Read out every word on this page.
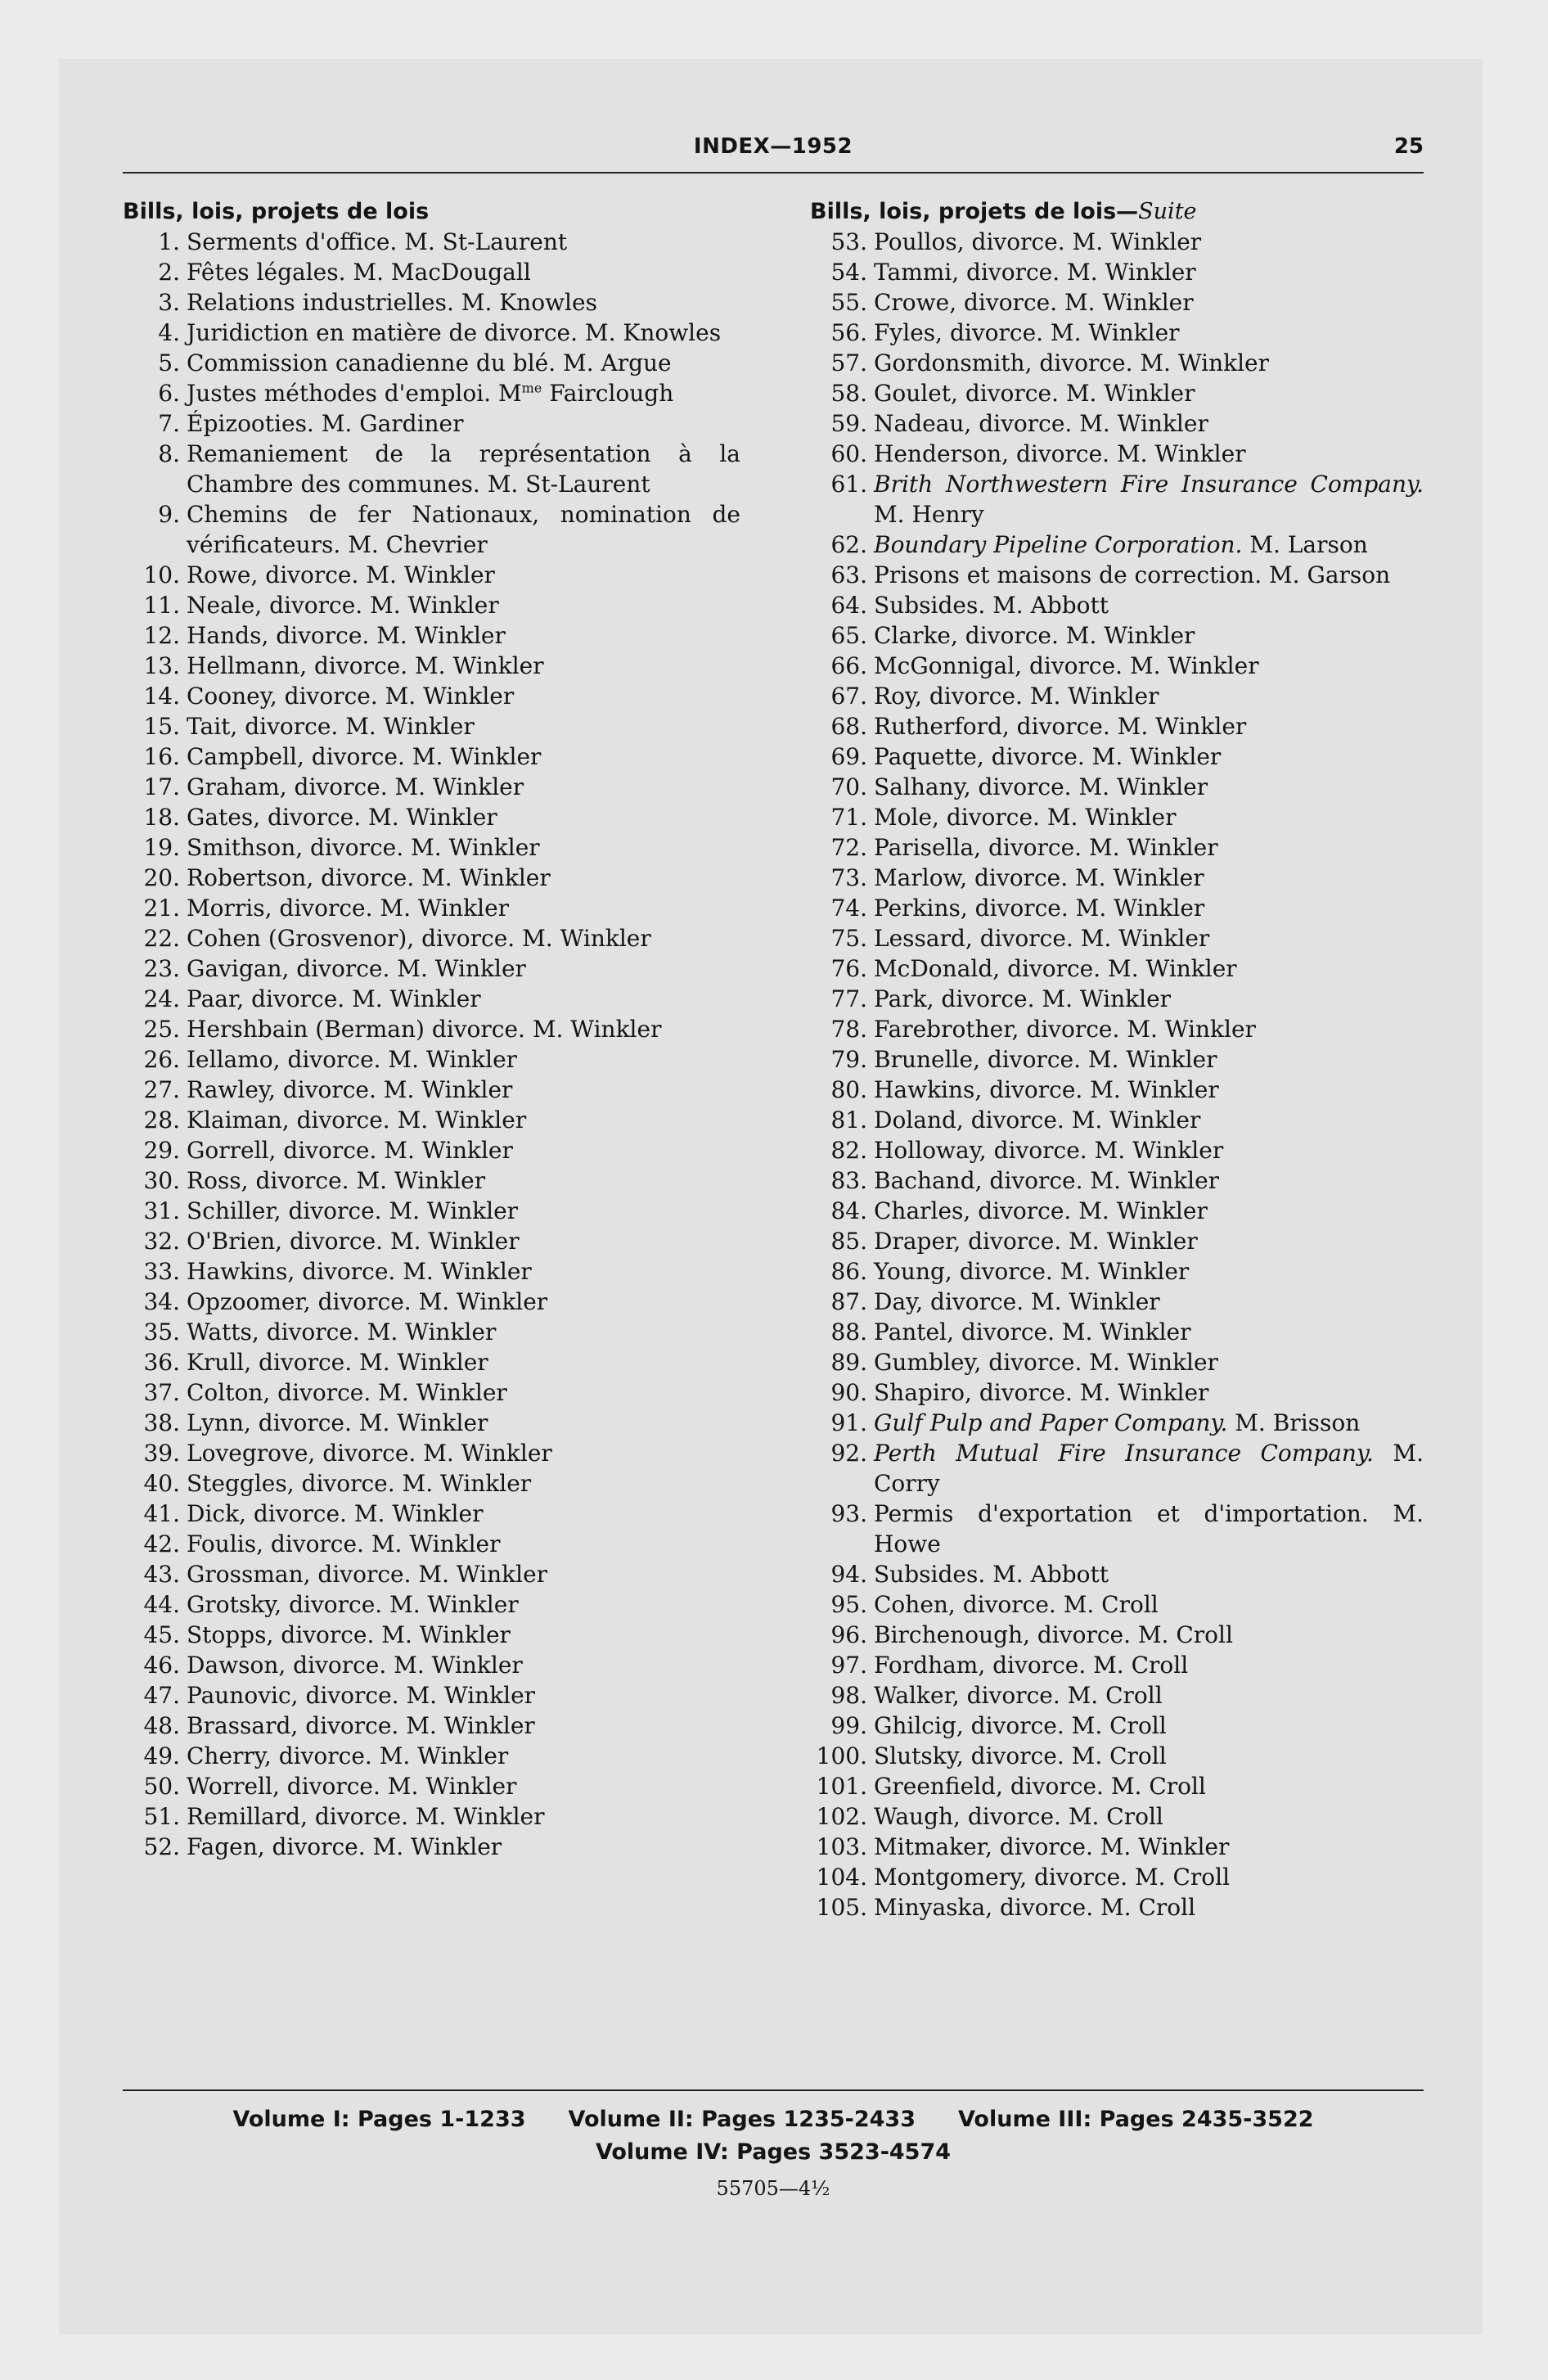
INDEX—1952	25
Bills, lois, projets de lois
1. Serments d'office. M. St-Laurent
2. Fêtes légales. M. MacDougall
3. Relations industrielles. M. Knowles
4. Juridiction en matière de divorce. M. Knowles
5. Commission canadienne du blé. M. Argue
6. Justes méthodes d'emploi. $M^{me}$ Fairclough
7. Épizooties. M. Gardiner
8. Remaniement de la représentation à la Chambre des communes. M. St-Laurent
9. Chemins de fer Nationaux, nomination de vérificateurs. M. Chevrier
10. Rowe, divorce. M. Winkler
11. Neale, divorce. M. Winkler
12. Hands, divorce. M. Winkler
13. Hellmann, divorce. M. Winkler
14. Cooney, divorce. M. Winkler
15. Tait, divorce. M. Winkler
16. Campbell, divorce. M. Winkler
17. Graham, divorce. M. Winkler
18. Gates, divorce. M. Winkler
19. Smithson, divorce. M. Winkler
20. Robertson, divorce. M. Winkler
21. Morris, divorce. M. Winkler
22. Cohen (Grosvenor), divorce. M. Winkler
23. Gavigan, divorce. M. Winkler
24. Paar, divorce. M. Winkler
25. Hershbain (Berman) divorce. M. Winkler
26. Iellamo, divorce. M. Winkler
27. Rawley, divorce. M. Winkler
28. Klaiman, divorce. M. Winkler
29. Gorrell, divorce. M. Winkler
30. Ross, divorce. M. Winkler
31. Schiller, divorce. M. Winkler
32. O'Brien, divorce. M. Winkler
33. Hawkins, divorce. M. Winkler
34. Opzoomer, divorce. M. Winkler
35. Watts, divorce. M. Winkler
36. Krull, divorce. M. Winkler
37. Colton, divorce. M. Winkler
38. Lynn, divorce. M. Winkler
39. Lovegrove, divorce. M. Winkler
40. Steggles, divorce. M. Winkler
41. Dick, divorce. M. Winkler
42. Foulis, divorce. M. Winkler
43. Grossman, divorce. M. Winkler
44. Grotsky, divorce. M. Winkler
45. Stopps, divorce. M. Winkler
46. Dawson, divorce. M. Winkler
47. Paunovic, divorce. M. Winkler
48. Brassard, divorce. M. Winkler
49. Cherry, divorce. M. Winkler
50. Worrell, divorce. M. Winkler
51. Remillard, divorce. M. Winkler
52. Fagen, divorce. M. Winkler
Bills, lois, projets de lois—Suite
53. Poullos, divorce. M. Winkler
54. Tammi, divorce. M. Winkler
55. Crowe, divorce. M. Winkler
56. Fyles, divorce. M. Winkler
57. Gordonsmith, divorce. M. Winkler
58. Goulet, divorce. M. Winkler
59. Nadeau, divorce. M. Winkler
60. Henderson, divorce. M. Winkler
61. Brith Northwestern Fire Insurance Company. M. Henry
62. Boundary Pipeline Corporation. M. Larson
63. Prisons et maisons de correction. M. Garson
64. Subsides. M. Abbott
65. Clarke, divorce. M. Winkler
66. McGonnigal, divorce. M. Winkler
67. Roy, divorce. M. Winkler
68. Rutherford, divorce. M. Winkler
69. Paquette, divorce. M. Winkler
70. Salhany, divorce. M. Winkler
71. Mole, divorce. M. Winkler
72. Parisella, divorce. M. Winkler
73. Marlow, divorce. M. Winkler
74. Perkins, divorce. M. Winkler
75. Lessard, divorce. M. Winkler
76. McDonald, divorce. M. Winkler
77. Park, divorce. M. Winkler
78. Farebrother, divorce. M. Winkler
79. Brunelle, divorce. M. Winkler
80. Hawkins, divorce. M. Winkler
81. Doland, divorce. M. Winkler
82. Holloway, divorce. M. Winkler
83. Bachand, divorce. M. Winkler
84. Charles, divorce. M. Winkler
85. Draper, divorce. M. Winkler
86. Young, divorce. M. Winkler
87. Day, divorce. M. Winkler
88. Pantel, divorce. M. Winkler
89. Gumbley, divorce. M. Winkler
90. Shapiro, divorce. M. Winkler
91. Gulf Pulp and Paper Company. M. Brisson
92. Perth Mutual Fire Insurance Company. M. Corry
93. Permis d'exportation et d'importation. M. Howe
94. Subsides. M. Abbott
95. Cohen, divorce. M. Croll
96. Birchenough, divorce. M. Croll
97. Fordham, divorce. M. Croll
98. Walker, divorce. M. Croll
99. Ghilcig, divorce. M. Croll
100. Slutsky, divorce. M. Croll
101. Greenfield, divorce. M. Croll
102. Waugh, divorce. M. Croll
103. Mitmaker, divorce. M. Winkler
104. Montgomery, divorce. M. Croll
105. Minyaska, divorce. M. Croll
Volume I: Pages 1-1233 Volume II: Pages 1235-2433 Volume III: Pages 2435-3522
Volume IV: Pages 3523-4574
55705—4½
